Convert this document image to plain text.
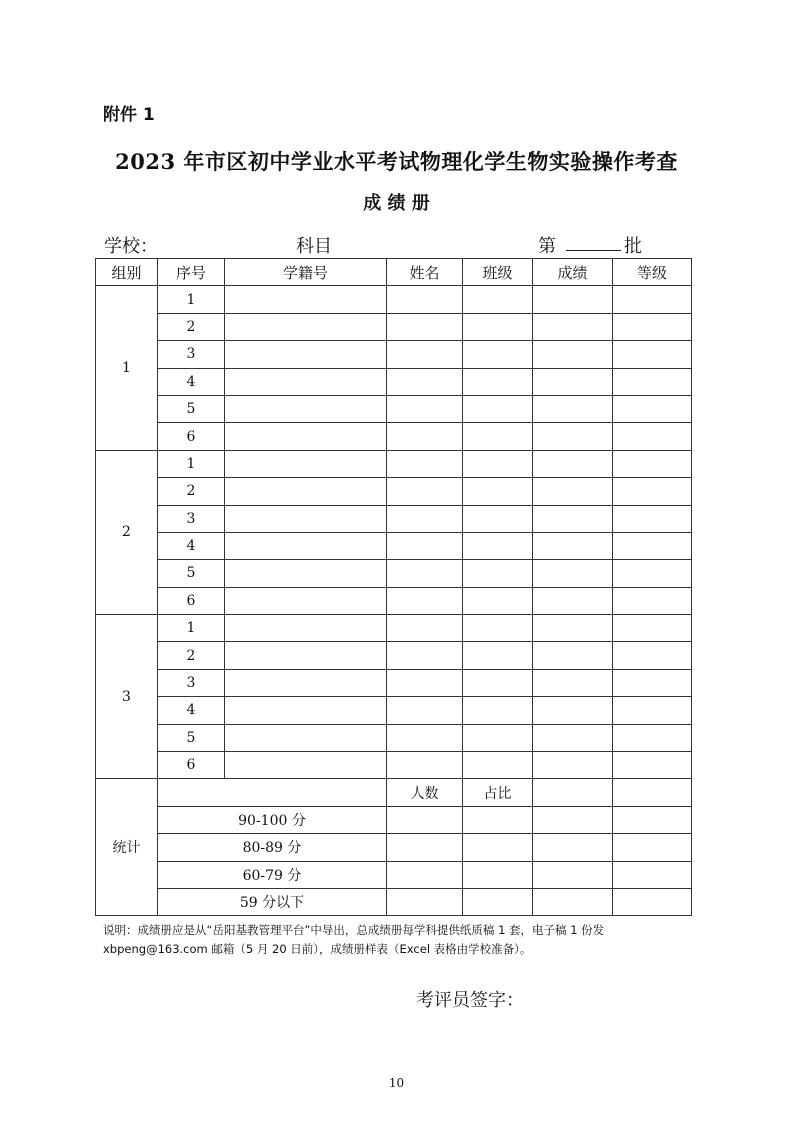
附件 1
2023 年市区初中学业水平考试物理化学生物实验操作考查
成 绩 册
学校：	科目	第	批
组别	序号	学籍号	姓名	班级	成绩	等级
1	1					
	2					
	3					
	4					
	5					
	6					
2	1					
	2					
	3					
	4					
	5					
	6					
3	1					
	2					
	3					
	4					
	5					
	6					
统计			人数	占比		
	90-100 分					
	80-89 分					
	60-79 分					
	59 分以下					
说明：成绩册应是从“岳阳基教管理平台”中导出，总成绩册每学科提供纸质稿 1 套，电子稿 1 份发 xbpeng@163.com 邮箱（5 月 20 日前），成绩册样表（Excel 表格由学校准备）。
考评员签字：
10
